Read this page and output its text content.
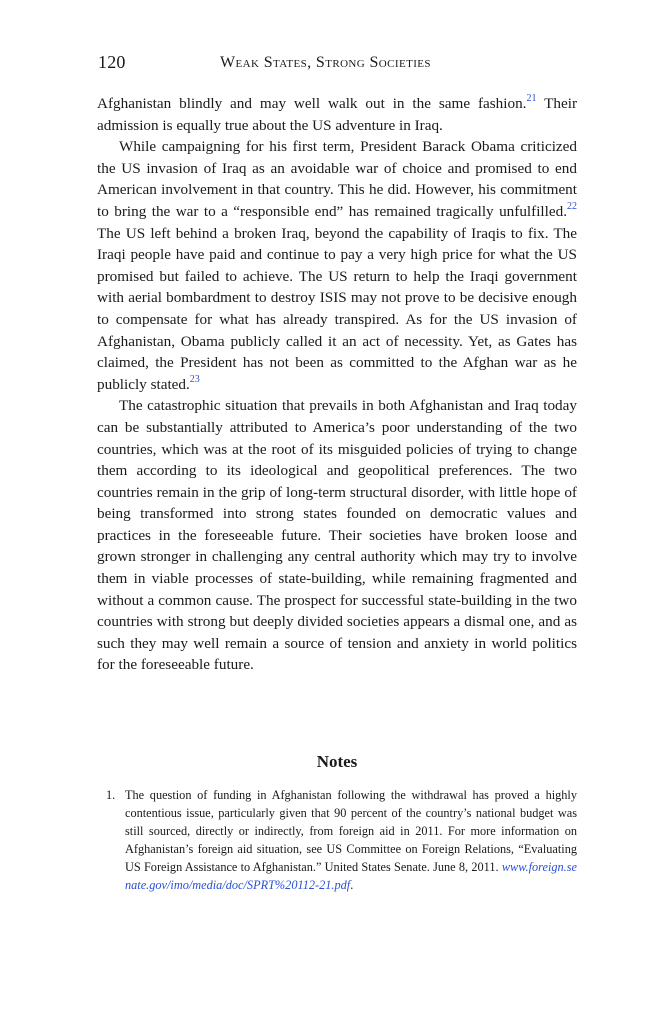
120	Weak States, Strong Societies

Afghanistan blindly and may well walk out in the same fashion.$^{21}$ Their admission is equally true about the US adventure in Iraq.

While campaigning for his first term, President Barack Obama criticized the US invasion of Iraq as an avoidable war of choice and promised to end American involvement in that country. This he did. However, his commitment to bring the war to a “responsible end” has remained tragically unfulfilled.$^{22}$ The US left behind a broken Iraq, beyond the capability of Iraqis to fix. The Iraqi people have paid and continue to pay a very high price for what the US promised but failed to achieve. The US return to help the Iraqi government with aerial bombardment to destroy ISIS may not prove to be decisive enough to compensate for what has already transpired. As for the US invasion of Afghanistan, Obama publicly called it an act of necessity. Yet, as Gates has claimed, the President has not been as committed to the Afghan war as he publicly stated.$^{23}$

The catastrophic situation that prevails in both Afghanistan and Iraq today can be substantially attributed to America’s poor understanding of the two countries, which was at the root of its misguided policies of trying to change them according to its ideological and geopolitical preferences. The two countries remain in the grip of long-term structural disorder, with little hope of being transformed into strong states founded on democratic values and practices in the foreseeable future. Their societies have broken loose and grown stronger in challenging any central authority which may try to involve them in viable processes of state-building, while remaining fragmented and without a common cause. The prospect for successful state-building in the two countries with strong but deeply divided societies appears a dismal one, and as such they may well remain a source of tension and anxiety in world politics for the foreseeable future.

Notes
1. The question of funding in Afghanistan following the withdrawal has proved a highly contentious issue, particularly given that 90 percent of the country’s national budget was still sourced, directly or indirectly, from foreign aid in 2011. For more information on Afghanistan’s foreign aid situation, see US Committee on Foreign Relations, “Evaluating US Foreign Assistance to Afghanistan.” United States Senate. June 8, 2011. www.foreign.senate.gov/imo/media/doc/SPRT%20112-21.pdf.
